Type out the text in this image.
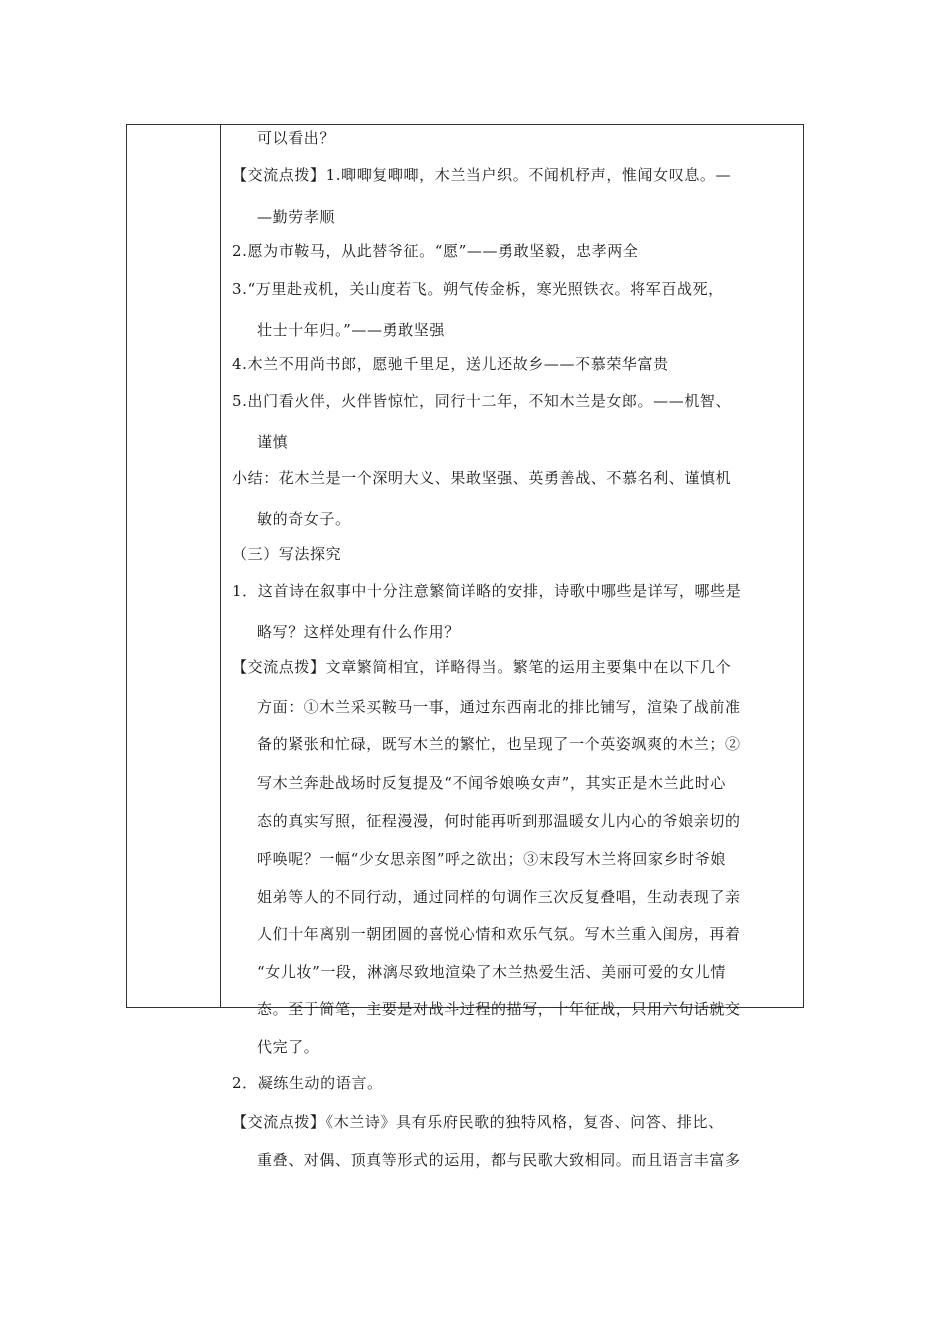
可以看出？
【交流点拨】1.唧唧复唧唧，木兰当户织。不闻机杼声，惟闻女叹息。—
—勤劳孝顺
2.愿为市鞍马，从此替爷征。“愿”——勇敢坚毅，忠孝两全
3.“万里赴戎机，关山度若飞。朔气传金柝，寒光照铁衣。将军百战死，
壮士十年归。”——勇敢坚强
4.木兰不用尚书郎，愿驰千里足，送儿还故乡——不慕荣华富贵
5.出门看火伴，火伴皆惊忙，同行十二年，不知木兰是女郎。——机智、
谨慎
小结：花木兰是一个深明大义、果敢坚强、英勇善战、不慕名利、谨慎机
敏的奇女子。
（三）写法探究
1．这首诗在叙事中十分注意繁简详略的安排，诗歌中哪些是详写，哪些是
略写？这样处理有什么作用？
【交流点拨】文章繁简相宜，详略得当。繁笔的运用主要集中在以下几个
方面：①木兰采买鞍马一事，通过东西南北的排比铺写，渲染了战前准
备的紧张和忙碌，既写木兰的繁忙，也呈现了一个英姿飒爽的木兰；②
写木兰奔赴战场时反复提及“不闻爷娘唤女声”，其实正是木兰此时心
态的真实写照，征程漫漫，何时能再听到那温暖女儿内心的爷娘亲切的
呼唤呢？一幅“少女思亲图”呼之欲出；③末段写木兰将回家乡时爷娘
姐弟等人的不同行动，通过同样的句调作三次反复叠唱，生动表现了亲
人们十年离别一朝团圆的喜悦心情和欢乐气氛。写木兰重入闺房，再着
“女儿妆”一段，淋漓尽致地渲染了木兰热爱生活、美丽可爱的女儿情
态。至于简笔，主要是对战斗过程的描写，十年征战，只用六句话就交
代完了。
2．凝练生动的语言。
【交流点拨】《木兰诗》具有乐府民歌的独特风格，复沓、问答、排比、
重叠、对偶、顶真等形式的运用，都与民歌大致相同。而且语言丰富多
